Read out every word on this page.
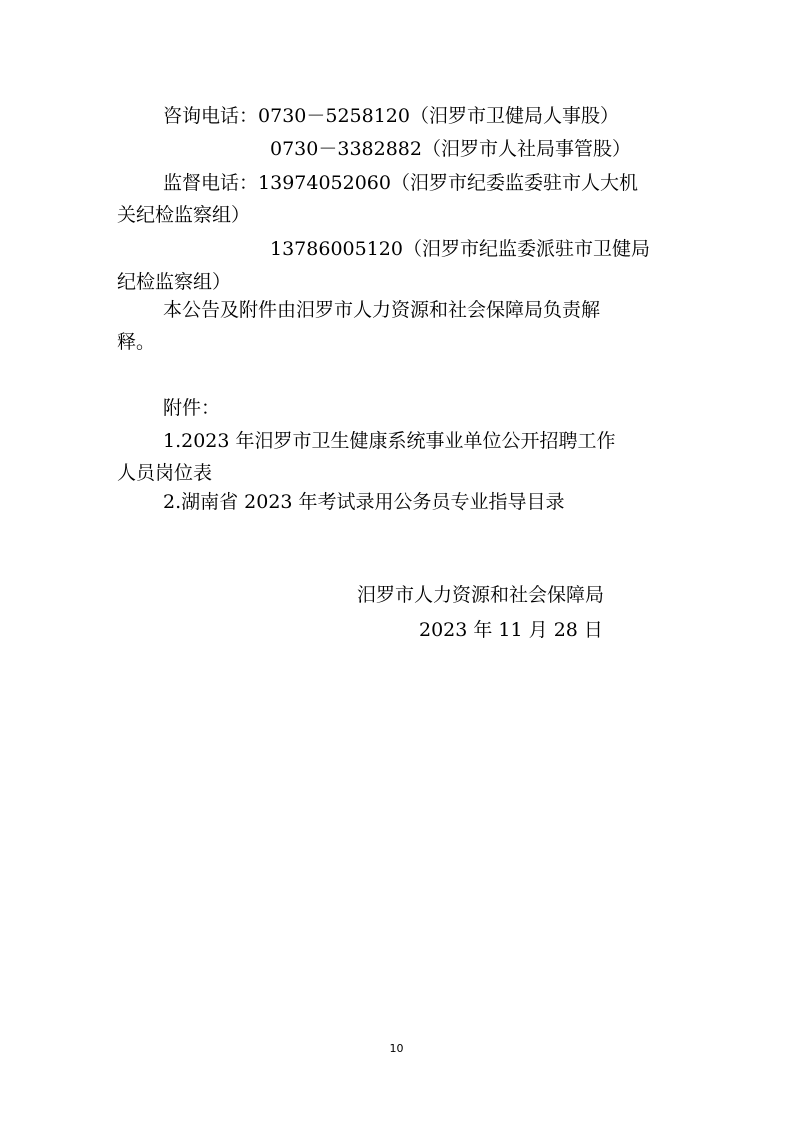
咨询电话：0730－5258120（汨罗市卫健局人事股）
0730－3382882（汨罗市人社局事管股）
监督电话：13974052060（汨罗市纪委监委驻市人大机
关纪检监察组）
13786005120（汨罗市纪监委派驻市卫健局
纪检监察组）
本公告及附件由汨罗市人力资源和社会保障局负责解
释。
附件：
1.2023 年汨罗市卫生健康系统事业单位公开招聘工作
人员岗位表
2.湖南省 2023 年考试录用公务员专业指导目录
汨罗市人力资源和社会保障局
2023 年 11 月 28 日
10
